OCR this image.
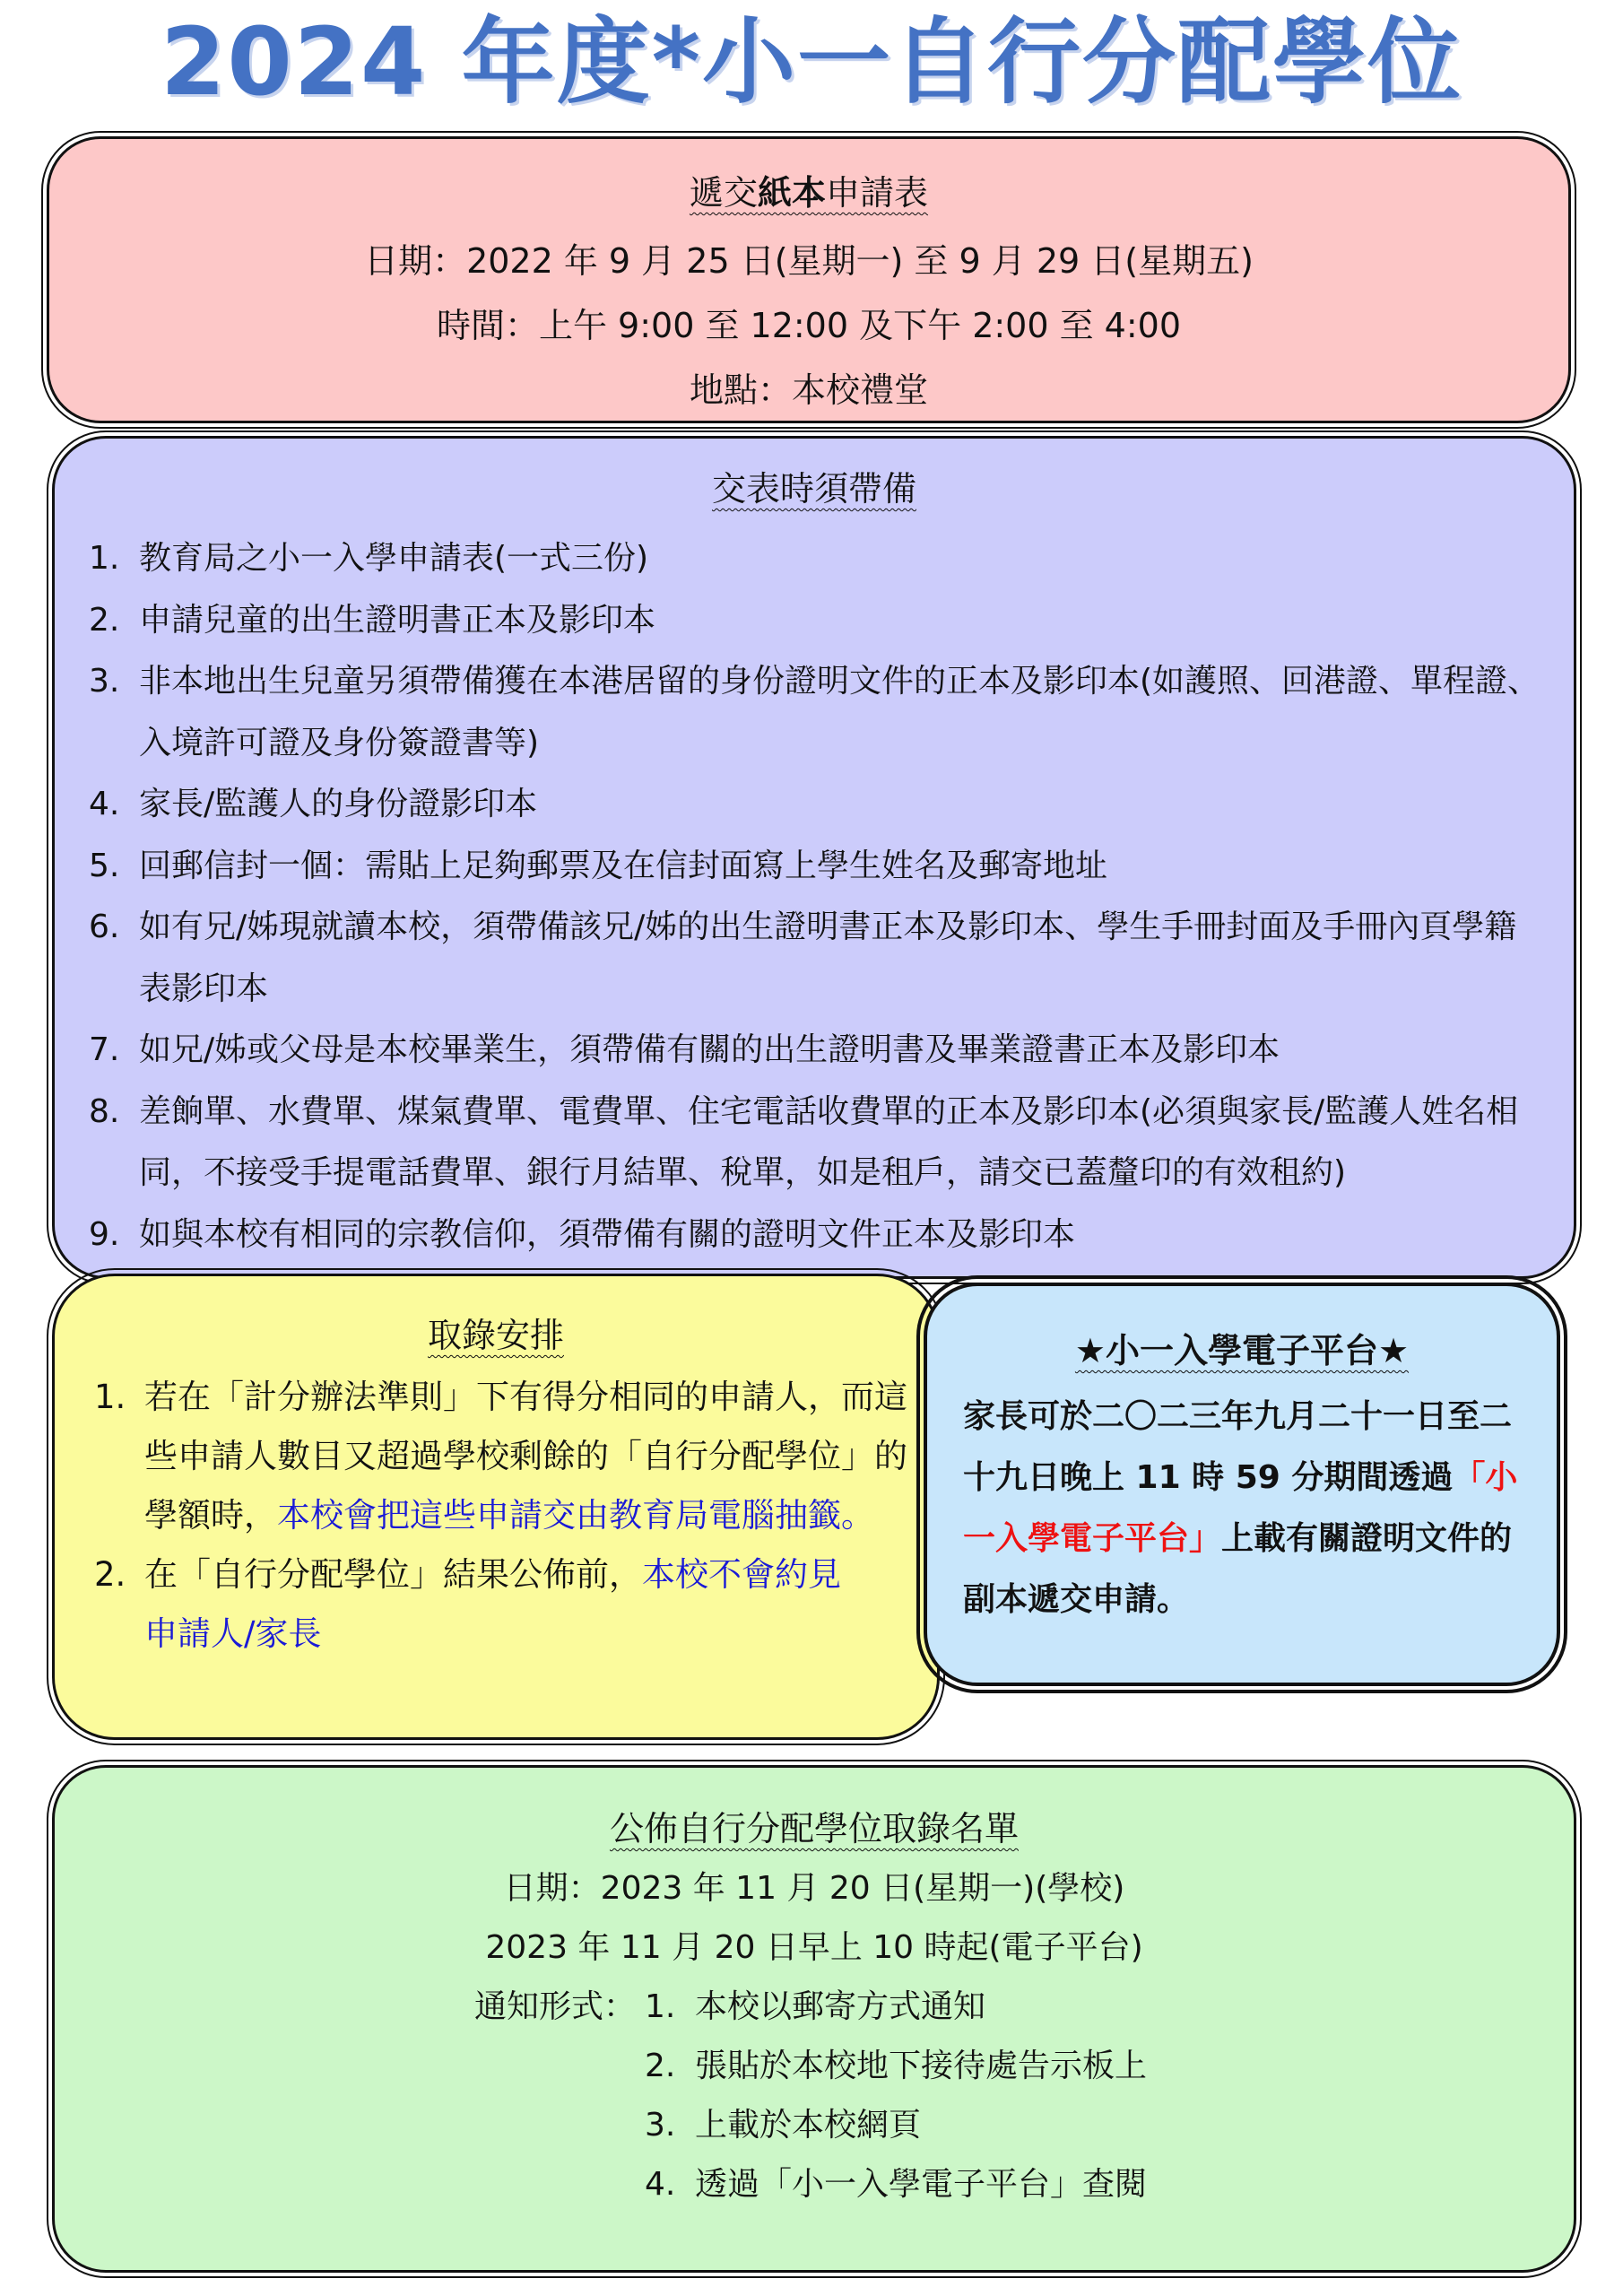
2024 年度*小一自行分配學位
遞交紙本申請表
日期：2022 年 9 月 25 日(星期一) 至 9 月 29 日(星期五)
時間：上午 9:00 至 12:00 及下午 2:00 至 4:00
地點：本校禮堂
交表時須帶備
1. 教育局之小一入學申請表(一式三份)
2. 申請兒童的出生證明書正本及影印本
3. 非本地出生兒童另須帶備獲在本港居留的身份證明文件的正本及影印本(如護照、回港證、單程證、入境許可證及身份簽證書等)
4. 家長/監護人的身份證影印本
5. 回郵信封一個：需貼上足夠郵票及在信封面寫上學生姓名及郵寄地址
6. 如有兄/姊現就讀本校，須帶備該兄/姊的出生證明書正本及影印本、學生手冊封面及手冊內頁學籍表影印本
7. 如兄/姊或父母是本校畢業生，須帶備有關的出生證明書及畢業證書正本及影印本
8. 差餉單、水費單、煤氣費單、電費單、住宅電話收費單的正本及影印本(必須與家長/監護人姓名相同，不接受手提電話費單、銀行月結單、稅單，如是租戶，請交已蓋釐印的有效租約)
9. 如與本校有相同的宗教信仰，須帶備有關的證明文件正本及影印本
取錄安排
1. 若在「計分辦法準則」下有得分相同的申請人，而這些申請人數目又超過學校剩餘的「自行分配學位」的學額時，本校會把這些申請交由教育局電腦抽籤。
2. 在「自行分配學位」結果公佈前，本校不會約見申請人/家長
★小一入學電子平台★
家長可於二〇二三年九月二十一日至二十九日晚上 11 時 59 分期間透過「小一入學電子平台」上載有關證明文件的副本遞交申請。
公佈自行分配學位取錄名單
日期：2023 年 11 月 20 日(星期一)(學校)
2023 年 11 月 20 日早上 10 時起(電子平台)
通知形式： 1. 本校以郵寄方式通知
2. 張貼於本校地下接待處告示板上
3. 上載於本校網頁
4. 透過「小一入學電子平台」查閱
